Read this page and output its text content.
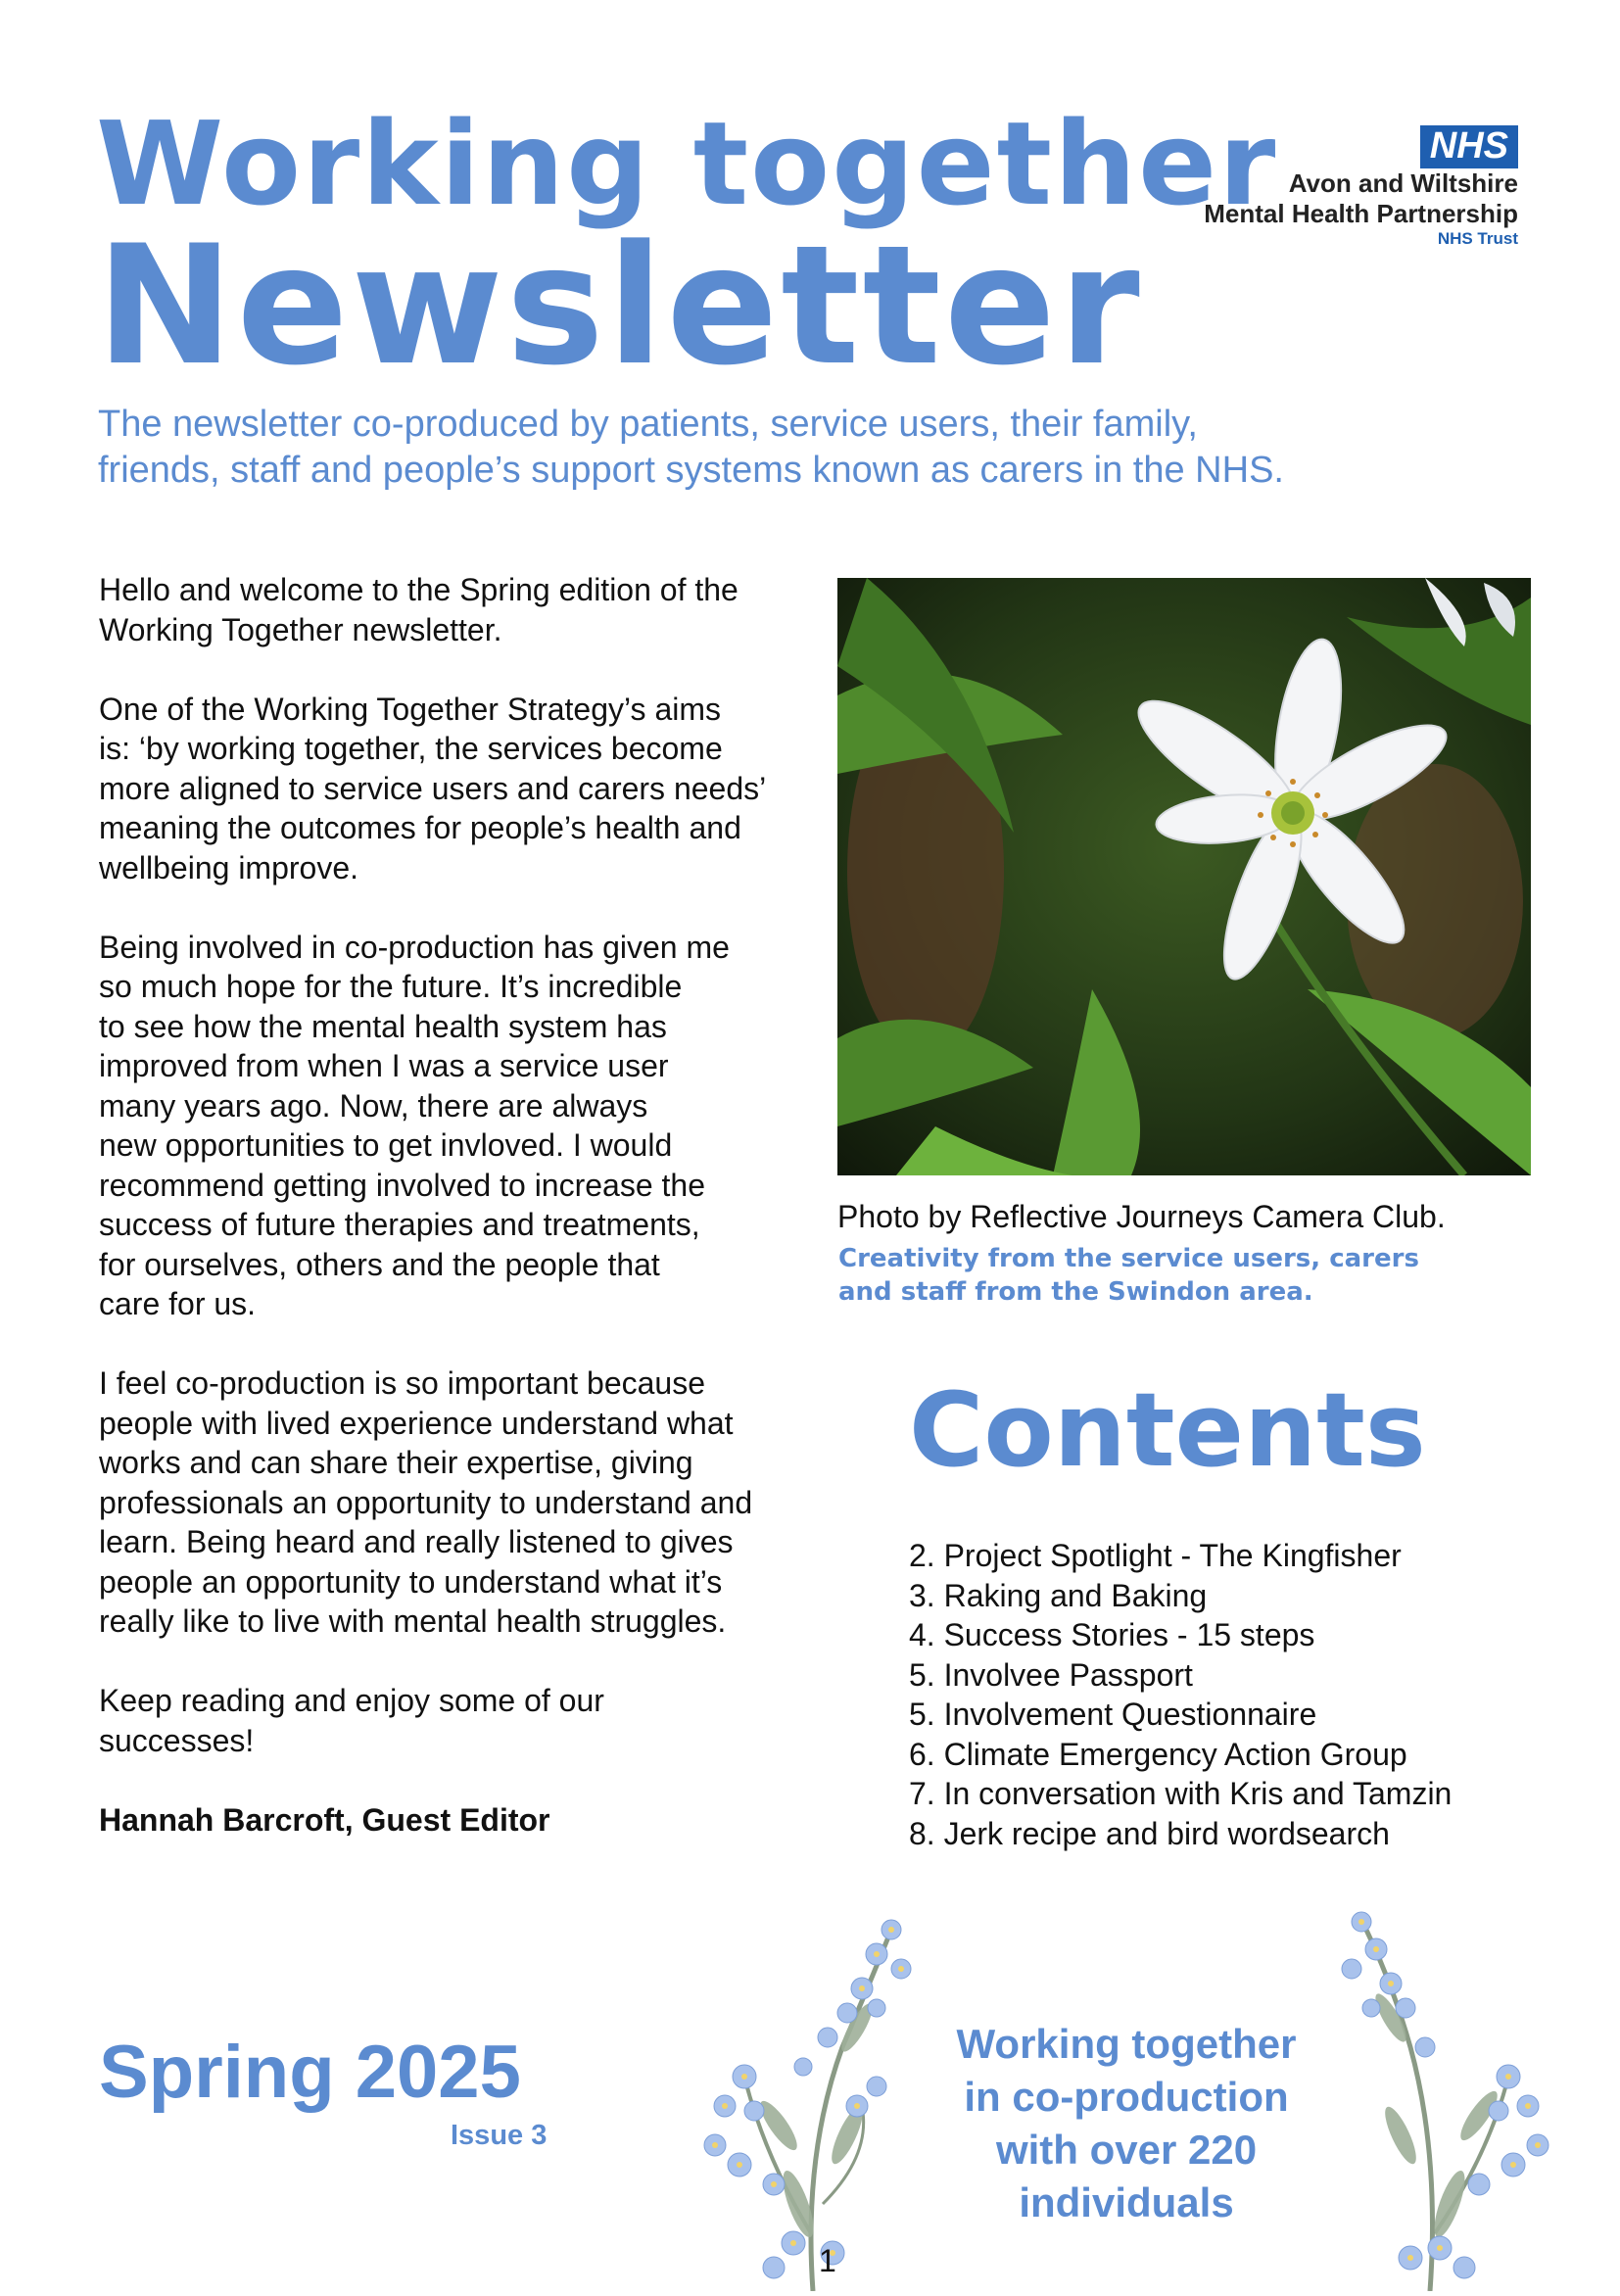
Working together
Newsletter
NHS
Avon and Wiltshire
Mental Health Partnership
NHS Trust
The newsletter co-produced by patients, service users, their family,
friends, staff and people’s support systems known as carers in the NHS.

Hello and welcome to the Spring edition of the
Working Together newsletter.

One of the Working Together Strategy’s aims
is: ‘by working together, the services become
more aligned to service users and carers needs’
meaning the outcomes for people’s health and
wellbeing improve.

Being involved in co-production has given me
so much hope for the future. It’s incredible
to see how the mental health system has
improved from when I was a service user
many years ago. Now, there are always
new opportunities to get invloved. I would
recommend getting involved to increase the
success of future therapies and treatments,
for ourselves, others and the people that
care for us.

I feel co-production is so important because
people with lived experience understand what
works and can share their expertise, giving
professionals an opportunity to understand and
learn. Being heard and really listened to gives
people an opportunity to understand what it’s
really like to live with mental health struggles.

Keep reading and enjoy some of our
successes!

Hannah Barcroft, Guest Editor

Photo by Reflective Journeys Camera Club.
Creativity from the service users, carers
and staff from the Swindon area.
Contents
2. Project Spotlight - The Kingfisher
3. Raking and Baking
4. Success Stories - 15 steps
5. Involvee Passport
5. Involvement Questionnaire
6. Climate Emergency Action Group
7. In conversation with Kris and Tamzin
8. Jerk recipe and bird wordsearch
Spring 2025
Issue 3
Working together
in co-production
with over 220
individuals
1
